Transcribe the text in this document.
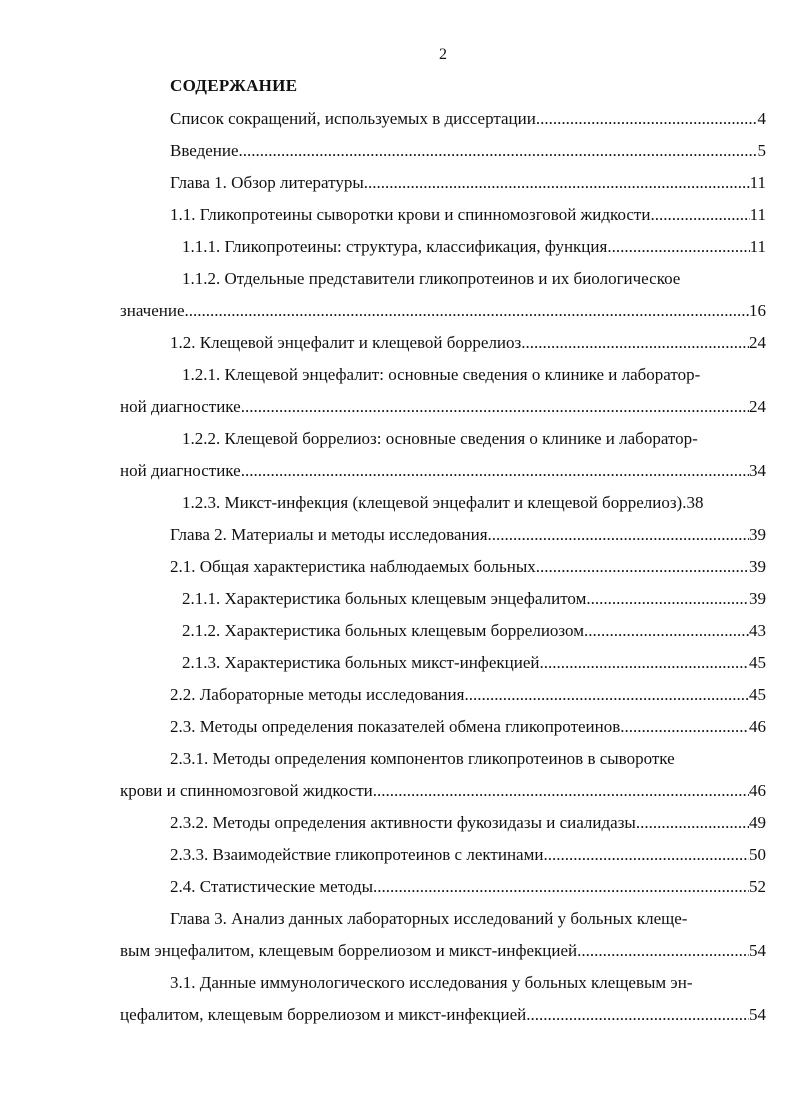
2
СОДЕРЖАНИЕ
Список сокращений, используемых в диссертации .....	4
Введение .....	5
Глава 1. Обзор литературы .....	11
1.1. Гликопротеины сыворотки крови и спинномозговой жидкости .....	11
1.1.1. Гликопротеины: структура, классификация, функция .....	11
1.1.2. Отдельные представители гликопротеинов и их биологическое
значение .....	16
1.2. Клещевой энцефалит и клещевой боррелиоз .....	24
1.2.1. Клещевой энцефалит: основные сведения о клинике и лаборатор-
ной диагностике .....	24
1.2.2. Клещевой боррелиоз: основные сведения о клинике и лаборатор-
ной диагностике .....	34
1.2.3. Микст-инфекция (клещевой энцефалит и клещевой боррелиоз). 38
Глава 2. Материалы и методы исследования .....	39
2.1. Общая характеристика наблюдаемых больных .....	39
2.1.1. Характеристика больных клещевым энцефалитом .....	39
2.1.2. Характеристика больных клещевым боррелиозом .....	43
2.1.3. Характеристика больных микст-инфекцией .....	45
2.2. Лабораторные методы исследования .....	45
2.3. Методы определения показателей обмена гликопротеинов .....	46
2.3.1. Методы определения компонентов гликопротеинов в сыворотке
крови и спинномозговой жидкости .....	46
2.3.2. Методы определения активности фукозидазы и сиалидазы .....	49
2.3.3. Взаимодействие гликопротеинов с лектинами .....	50
2.4. Статистические методы .....	52
Глава 3. Анализ данных лабораторных исследований у больных клеще-
вым энцефалитом, клещевым боррелиозом и микст-инфекцией .....	54
3.1. Данные иммунологического исследования у больных клещевым эн-
цефалитом, клещевым боррелиозом и микст-инфекцией .....	54
